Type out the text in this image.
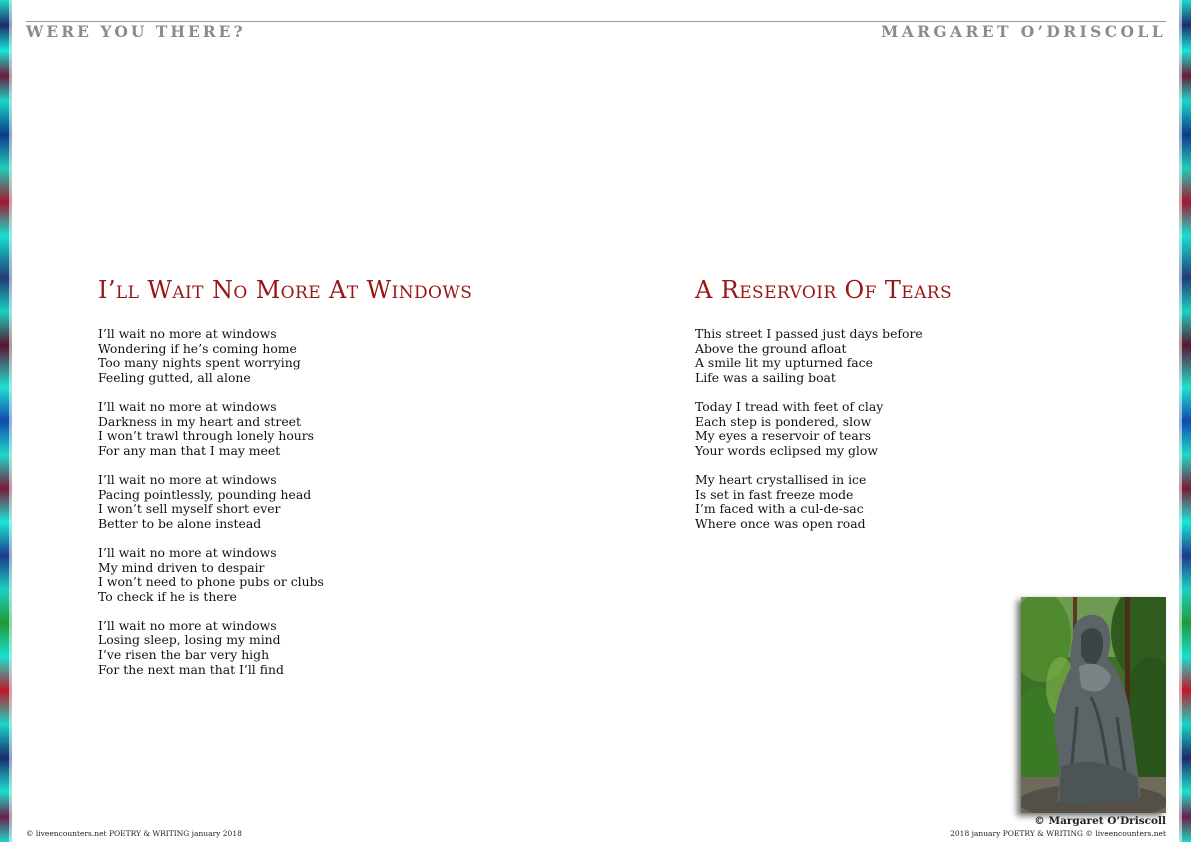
WERE YOU THERE?	MARGARET O’DRISCOLL
I’ll Wait No More At Windows
I’ll wait no more at windows
Wondering if he’s coming home
Too many nights spent worrying
Feeling gutted, all alone
I’ll wait no more at windows
Darkness in my heart and street
I won’t trawl through lonely hours
For any man that I may meet
I’ll wait no more at windows
Pacing pointlessly, pounding head
I won’t sell myself short ever
Better to be alone instead
I’ll wait no more at windows
My mind driven to despair
I won’t need to phone pubs or clubs
To check if he is there
I’ll wait no more at windows
Losing sleep, losing my mind
I’ve risen the bar very high
For the next man that I’ll find
A Reservoir Of Tears
This street I passed just days before
Above the ground afloat
A smile lit my upturned face
Life was a sailing boat
Today I tread with feet of clay
Each step is pondered, slow
My eyes a reservoir of tears
Your words eclipsed my glow
My heart crystallised in ice
Is set in fast freeze mode
I’m faced with a cul-de-sac
Where once was open road
© Margaret O’Driscoll
© liveencounters.net POETRY & WRITING january 2018	2018 january POETRY & WRITING © liveencounters.net
